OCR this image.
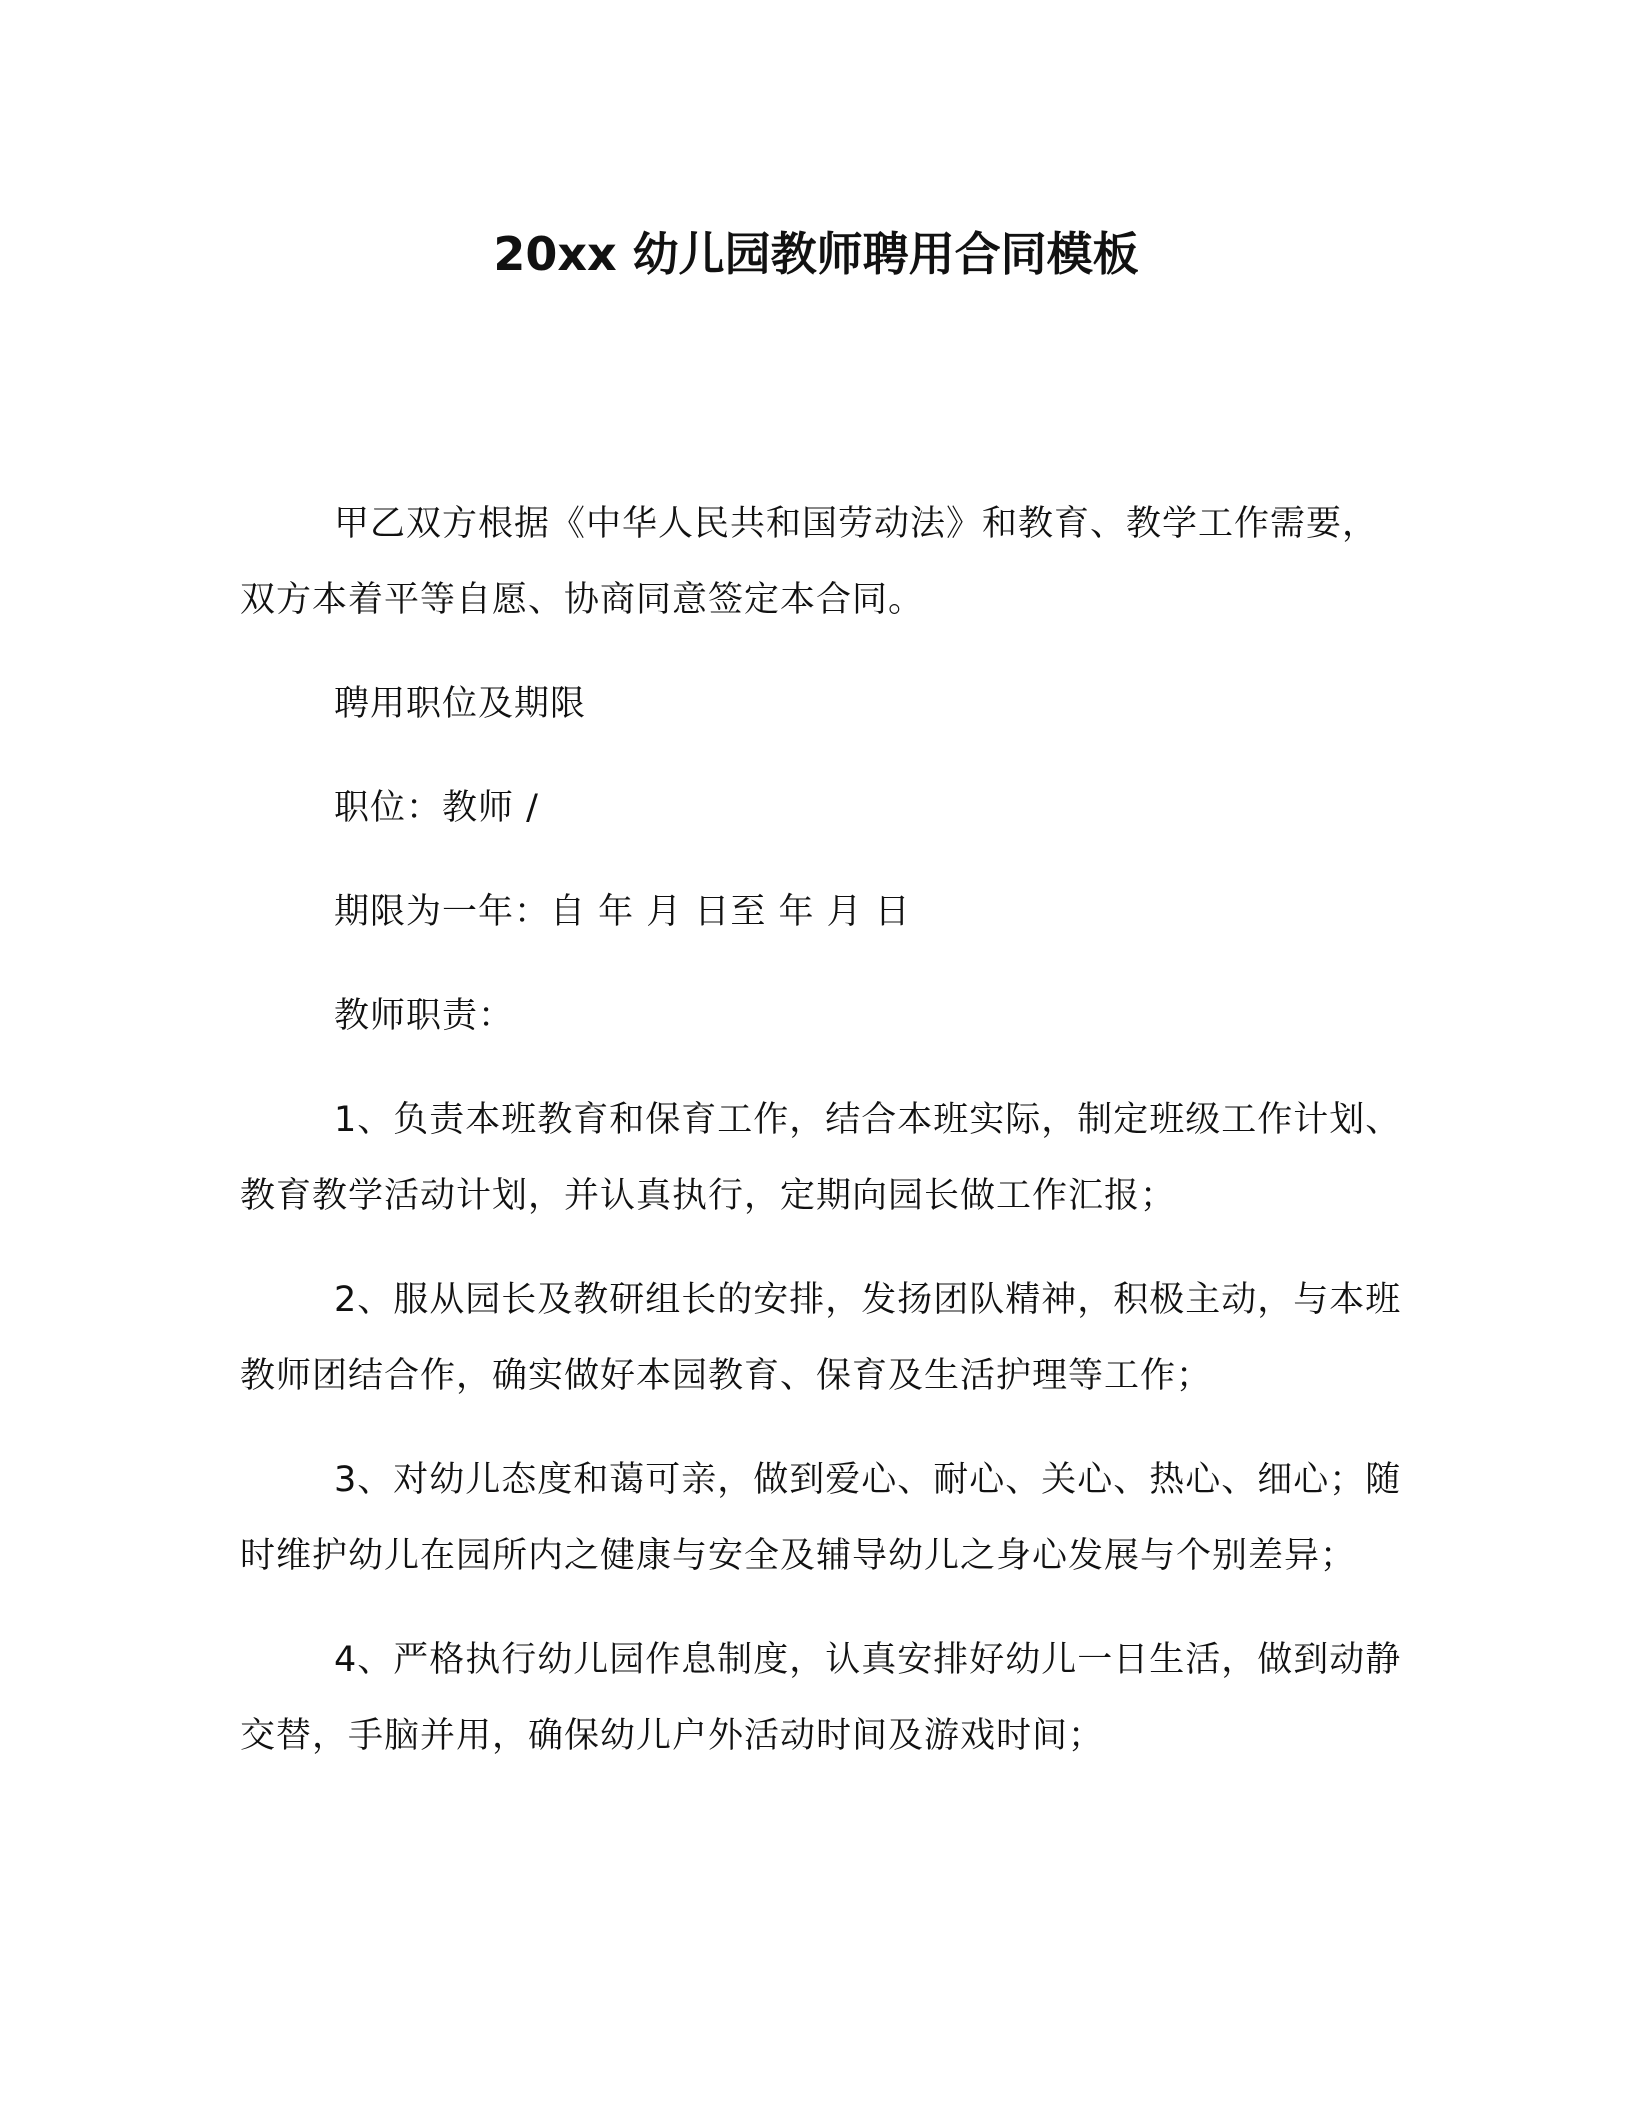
20xx 幼儿园教师聘用合同模板

甲乙双方根据《中华人民共和国劳动法》和教育、教学工作需要，双方本着平等自愿、协商同意签定本合同。

聘用职位及期限

职位：教师 /

期限为一年：自 年 月 日至 年 月 日

教师职责：

1、负责本班教育和保育工作，结合本班实际，制定班级工作计划、教育教学活动计划，并认真执行，定期向园长做工作汇报；

2、服从园长及教研组长的安排，发扬团队精神，积极主动，与本班教师团结合作，确实做好本园教育、保育及生活护理等工作；

3、对幼儿态度和蔼可亲，做到爱心、耐心、关心、热心、细心；随时维护幼儿在园所内之健康与安全及辅导幼儿之身心发展与个别差异；

4、严格执行幼儿园作息制度，认真安排好幼儿一日生活，做到动静交替，手脑并用，确保幼儿户外活动时间及游戏时间；
